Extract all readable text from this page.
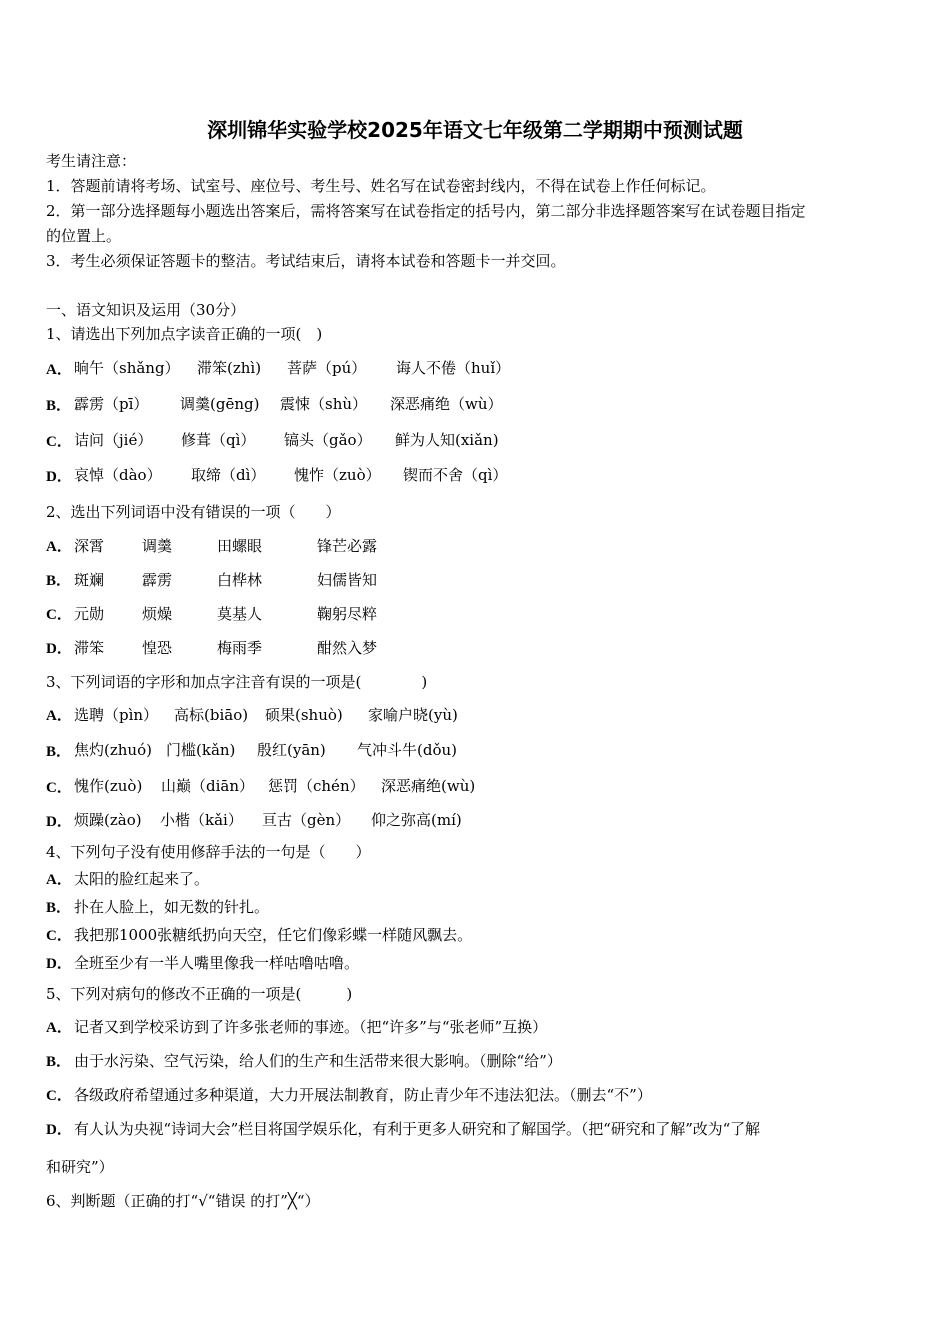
深圳锦华实验学校2025年语文七年级第二学期期中预测试题
考生请注意：
1．答题前请将考场、试室号、座位号、考生号、姓名写在试卷密封线内，不得在试卷上作任何标记。
2．第一部分选择题每小题选出答案后，需将答案写在试卷指定的括号内，第二部分非选择题答案写在试卷题目指定
的位置上。
3．考生必须保证答题卡的整洁。考试结束后，请将本试卷和答题卡一并交回。
一、语文知识及运用（30分）
1、请选出下列加点字读音正确的一项(　)
A． 晌午（shǎng） 滞笨(zhì) 菩萨（pú） 诲人不倦（huǐ）
B． 霹雳（pī） 调羹(gēng) 震悚（shù） 深恶痛绝（wù）
C． 诘问（jié） 修葺（qì） 镐头（gǎo） 鲜为人知(xiǎn)
D． 哀悼（dào） 取缔（dì） 愧怍（zuò） 锲而不舍（qì）
2、选出下列词语中没有错误的一项（　　）
A． 深霄	调羹	田螺眼	锋芒必露
B． 斑斓	霹雳	白桦林	妇儒皆知
C． 元勋	烦燥	莫基人	鞠躬尽粹
D． 滞笨	惶恐	梅雨季	酣然入梦
3、下列词语的字形和加点字注音有误的一项是(　　　　)
A． 选聘（pìn） 高标(biāo) 硕果(shuò) 家喻户晓(yù)
B． 焦灼(zhuó) 门槛(kǎn) 殷红(yān) 气冲斗牛(dǒu)
C． 愧作(zuò) 山巅（diān） 惩罚（chén） 深恶痛绝(wù)
D． 烦躁(zào) 小楷（kǎi） 亘古（gèn） 仰之弥高(mí)
4、下列句子没有使用修辞手法的一句是（　　）
A． 太阳的脸红起来了。
B． 扑在人脸上，如无数的针扎。
C． 我把那1000张糖纸扔向天空，任它们像彩蝶一样随风飘去。
D． 全班至少有一半人嘴里像我一样咕噜咕噜。
5、下列对病句的修改不正确的一项是(　　　)
A． 记者又到学校采访到了许多张老师的事迹。（把“许多”与“张老师”互换）
B． 由于水污染、空气污染，给人们的生产和生活带来很大影响。（删除“给”）
C． 各级政府希望通过多种渠道，大力开展法制教育，防止青少年不违法犯法。（删去“不”）
D． 有人认为央视“诗词大会”栏目将国学娱乐化，有利于更多人研究和了解国学。（把“研究和了解”改为“了解
和研究”）
6、判断题（正确的打“√“错误 的打”╳“）
